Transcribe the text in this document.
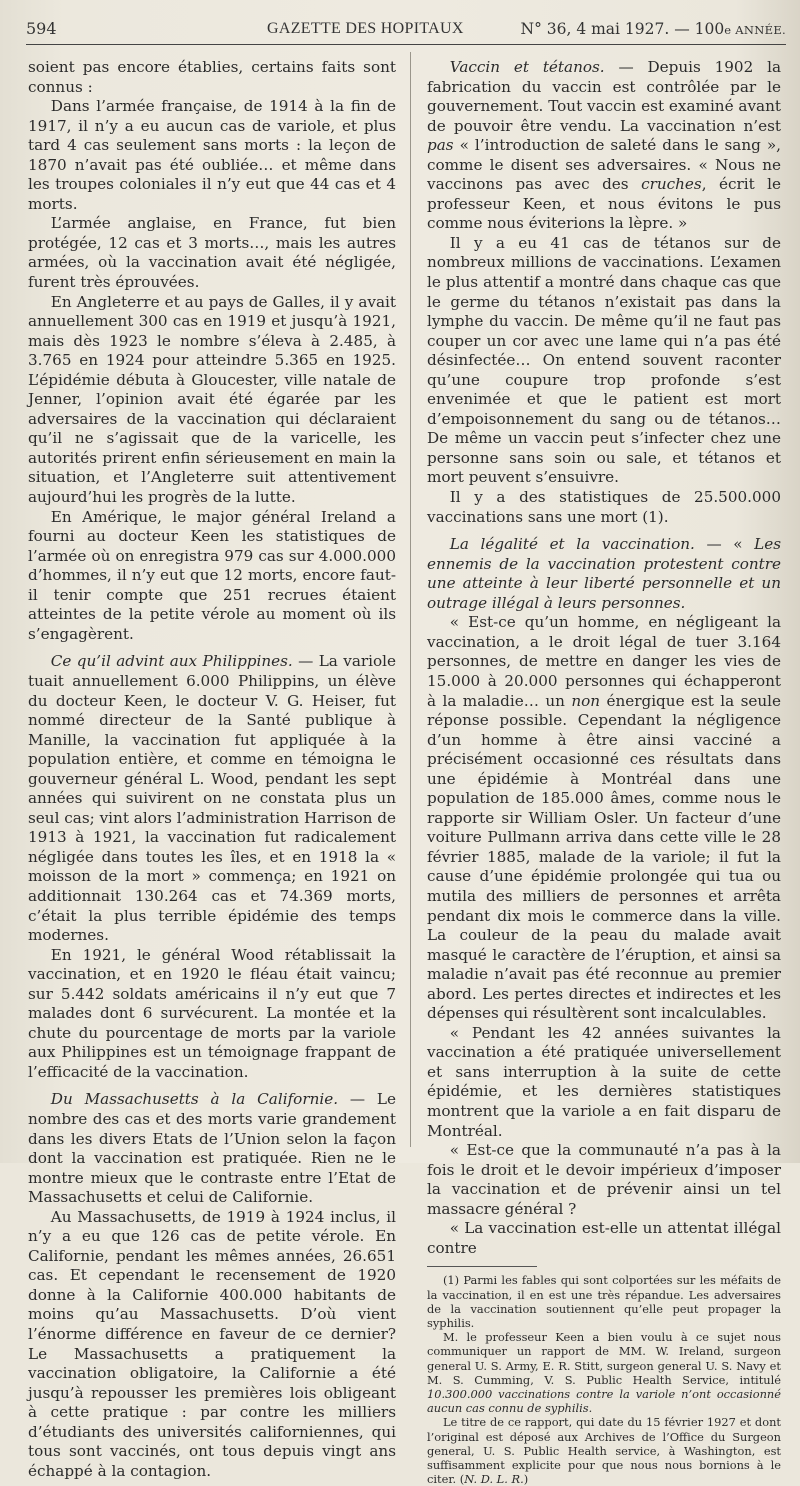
594	GAZETTE DES HOPITAUX	N° 36, 4 mai 1927. — 100e ANNÉE.

soient pas encore établies, certains faits sont connus :

Dans l’armée française, de 1914 à la fin de 1917, il n’y a eu aucun cas de variole, et plus tard 4 cas seulement sans morts : la leçon de 1870 n’avait pas été oubliée… et même dans les troupes coloniales il n’y eut que 44 cas et 4 morts.

L’armée anglaise, en France, fut bien protégée, 12 cas et 3 morts…, mais les autres armées, où la vaccination avait été négligée, furent très éprouvées.

En Angleterre et au pays de Galles, il y avait annuellement 300 cas en 1919 et jusqu’à 1921, mais dès 1923 le nombre s’éleva à 2.485, à 3.765 en 1924 pour atteindre 5.365 en 1925. L’épidémie débuta à Gloucester, ville natale de Jenner, l’opinion avait été égarée par les adversaires de la vaccination qui déclaraient qu’il ne s’agissait que de la varicelle, les autorités prirent enfin sérieusement en main la situation, et l’Angleterre suit attentivement aujourd’hui les progrès de la lutte.

En Amérique, le major général Ireland a fourni au docteur Keen les statistiques de l’armée où on enregistra 979 cas sur 4.000.000 d’hommes, il n’y eut que 12 morts, encore faut-il tenir compte que 251 recrues étaient atteintes de la petite vérole au moment où ils s’engagèrent.

Ce qu’il advint aux Philippines. — La variole tuait annuellement 6.000 Philippins, un élève du docteur Keen, le docteur V. G. Heiser, fut nommé directeur de la Santé publique à Manille, la vaccination fut appliquée à la population entière, et comme en témoigna le gouverneur général L. Wood, pendant les sept années qui suivirent on ne constata plus un seul cas; vint alors l’administration Harrison de 1913 à 1921, la vaccination fut radicalement négligée dans toutes les îles, et en 1918 la « moisson de la mort » commença; en 1921 on additionnait 130.264 cas et 74.369 morts, c’était la plus terrible épidémie des temps modernes.

En 1921, le général Wood rétablissait la vaccination, et en 1920 le fléau était vaincu; sur 5.442 soldats américains il n’y eut que 7 malades dont 6 survécurent. La montée et la chute du pourcentage de morts par la variole aux Philippines est un témoignage frappant de l’efficacité de la vaccination.

Du Massachusetts à la Californie. — Le nombre des cas et des morts varie grandement dans les divers Etats de l’Union selon la façon dont la vaccination est pratiquée. Rien ne le montre mieux que le contraste entre l’Etat de Massachusetts et celui de Californie.

Au Massachusetts, de 1919 à 1924 inclus, il n’y a eu que 126 cas de petite vérole. En Californie, pendant les mêmes années, 26.651 cas. Et cependant le recensement de 1920 donne à la Californie 400.000 habitants de moins qu’au Massachusetts. D’où vient l’énorme différence en faveur de ce dernier? Le Massachusetts a pratiquement la vaccination obligatoire, la Californie a été jusqu’à repousser les premières lois obligeant à cette pratique : par contre les milliers d’étudiants des universités californiennes, qui tous sont vaccinés, ont tous depuis vingt ans échappé à la contagion.

Vaccin et tétanos. — Depuis 1902 la fabrication du vaccin est contrôlée par le gouvernement. Tout vaccin est examiné avant de pouvoir être vendu. La vaccination n’est pas « l’introduction de saleté dans le sang », comme le disent ses adversaires. « Nous ne vaccinons pas avec des cruches, écrit le professeur Keen, et nous évitons le pus comme nous éviterions la lèpre. »

Il y a eu 41 cas de tétanos sur de nombreux millions de vaccinations. L’examen le plus attentif a montré dans chaque cas que le germe du tétanos n’existait pas dans la lymphe du vaccin. De même qu’il ne faut pas couper un cor avec une lame qui n’a pas été désinfectée… On entend souvent raconter qu’une coupure trop profonde s’est envenimée et que le patient est mort d’empoisonnement du sang ou de tétanos… De même un vaccin peut s’infecter chez une personne sans soin ou sale, et tétanos et mort peuvent s’ensuivre.

Il y a des statistiques de 25.500.000 vaccinations sans une mort (1).

La légalité et la vaccination. — « Les ennemis de la vaccination protestent contre une atteinte à leur liberté personnelle et un outrage illégal à leurs personnes.

« Est-ce qu’un homme, en négligeant la vaccination, a le droit légal de tuer 3.164 personnes, de mettre en danger les vies de 15.000 à 20.000 personnes qui échapperont à la maladie… un non énergique est la seule réponse possible. Cependant la négligence d’un homme à être ainsi vacciné a précisément occasionné ces résultats dans une épidémie à Montréal dans une population de 185.000 âmes, comme nous le rapporte sir William Osler. Un facteur d’une voiture Pullmann arriva dans cette ville le 28 février 1885, malade de la variole; il fut la cause d’une épidémie prolongée qui tua ou mutila des milliers de personnes et arrêta pendant dix mois le commerce dans la ville. La couleur de la peau du malade avait masqué le caractère de l’éruption, et ainsi sa maladie n’avait pas été reconnue au premier abord. Les pertes directes et indirectes et les dépenses qui résultèrent sont incalculables.

« Pendant les 42 années suivantes la vaccination a été pratiquée universellement et sans interruption à la suite de cette épidémie, et les dernières statistiques montrent que la variole a en fait disparu de Montréal.

« Est-ce que la communauté n’a pas à la fois le droit et le devoir impérieux d’imposer la vaccination et de prévenir ainsi un tel massacre général ?

« La vaccination est-elle un attentat illégal contre

(1) Parmi les fables qui sont colportées sur les méfaits de la vaccination, il en est une très répandue. Les adversaires de la vaccination soutiennent qu’elle peut propager la syphilis.

M. le professeur Keen a bien voulu à ce sujet nous communiquer un rapport de MM. W. Ireland, surgeon general U. S. Army, E. R. Stitt, surgeon general U. S. Navy et M. S. Cumming, V. S. Public Health Service, intitulé 10.300.000 vaccinations contre la variole n’ont occasionné aucun cas connu de syphilis.

Le titre de ce rapport, qui date du 15 février 1927 et dont l’original est déposé aux Archives de l’Office du Surgeon general, U. S. Public Health service, à Washington, est suffisamment explicite pour que nous nous bornions à le citer. (N. D. L. R.)
